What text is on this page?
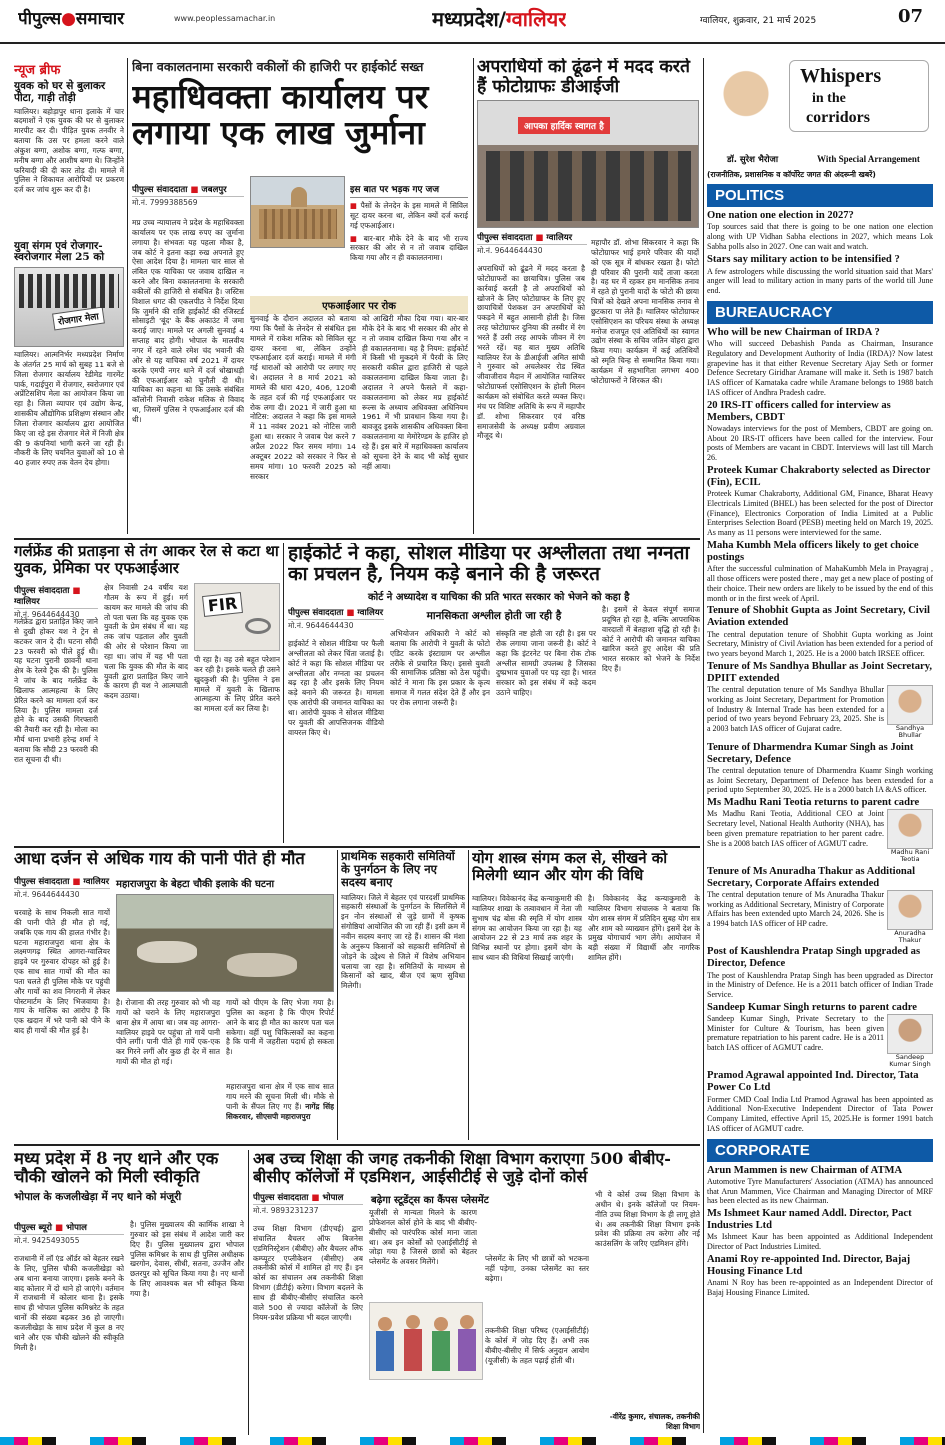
पीपुल्स●समाचार	www.peoplessamachar.in	मध्यप्रदेश/ग्वालियर	ग्वालियर, शुक्रवार, 21 मार्च 2025	07
न्यूज ब्रीफ
युवक को घर से बुलाकर पीटा, गाड़ी तोड़ी
ग्वालियर। बहोड़ापुर थाना इलाके में चार बदमाशों ने एक युवक की घर से बुलाकर मारपीट कर दी। पीड़ित युवक तनवीर ने बताया कि उस पर हमला करने वाले अंकुश बग्गा, अशोक बग्गा, गल्फ बग्गा, मनीष बग्गा और आशीष बग्गा थे। जिन्होंने फरियादी की दी कार तोड़ दी। मामले में पुलिस ने शिकायत आरोपियों पर प्रकरण दर्ज कर जांच शुरू कर दी है।
युवा संगम एवं रोजगार-स्वरोजगार मेला 25 को
रोजगार मेला
ग्वालियर। आत्मनिर्भर मध्यप्रदेश निर्माण के अंतर्गत 25 मार्च को सुबह 11 बजे से जिला रोजगार कार्यालय रेडीमेड गारमेंट पार्क, गदाईपुरा में रोजगार, स्वरोजगार एवं अप्रेंटिसशिप मेला का आयोजन किया जा रहा है। जिला व्यापार एवं उद्योग केन्द्र, शासकीय औद्योगिक प्रशिक्षण संस्थान और जिला रोजगार कार्यालय द्वारा आयोजित किए जा रहे इस रोजगार मेले में निजी क्षेत्र की 9 कंपनियां भागी करने जा रही हैं। नौकरी के लिए चयनित युवाओं को 10 से 40 हजार रुपए तक वेतन देय होगा।
बिना वकालतनामा सरकारी वकीलों की हाजिरी पर हाईकोर्ट सख्त
महाधिवक्ता कार्यालय पर लगाया एक लाख जुर्माना
पीपुल्स संवाददाता ■ जबलपुर
मो.नं. 7999388569
इस बात पर भड़क गए जज
■ पैसों के लेनदेन के इस मामले में सिविल सूट दायर करना था, लेकिन क्यों दर्ज कराई गई एफआईआर।
■ बार-बार मौके देने के बाद भी राज्य सरकार की ओर से न तो जवाब दाखिल किया गया और न ही वकालतनामा।
मप्र उच्च न्यायालय ने प्रदेश के महाधिवक्ता कार्यालय पर एक लाख रुपए का जुर्माना लगाया है। संभवतः यह पहला मौका है, जब कोर्ट ने इतना कड़ा रुख अपनाते हुए ऐसा आदेश दिया है। मामला चार साल से लंबित एक याचिका पर जवाब दाखिल न करने और बिना वकालतनामा के सरकारी वकीलों की हाजिरी से संबंधित है। जस्टिस विशाल धगट की एकलपीठ ने निर्देश दिया कि जुर्माने की राशि हाईकोर्ट की रजिस्टर्ड सोसाइटी 'बूंद' के बैंक अकाउंट में जमा कराई जाए। मामले पर अगली सुनवाई 4 सप्ताह बाद होगी। भोपाल के मालवीय नगर में रहने वाले रमेश चंद भवानी की ओर से यह याचिका वर्ष 2021 में दायर करके एमपी नगर थाने में दर्ज धोखाधड़ी की एफआईआर को चुनौती दी थी। याचिका का कहना था कि उसके संबंधित कॉलोनी निवासी राकेश मलिक से विवाद था, जिसमें पुलिस ने एफआईआर दर्ज की थी।
एफआईआर पर रोक
सुनवाई के दौरान अदालत को बताया गया कि पैसों के लेनदेन से संबंधित इस मामले में राकेश मलिक को सिविल सूट दायर करना था, लेकिन उन्होंने एफआईआर दर्ज कराई। मामले में मंगी गई धाराओं को आरोपी पर लगाए गए थे। अदालत ने 8 मार्च 2021 को मामले की धारा 420, 406, 120बी के तहत दर्ज की गई एफआईआर पर रोक लगा दी। 2021 में जारी हुआ था नोटिस: अदालत ने कहा कि इस मामले में 11 नवंबर 2021 को नोटिस जारी हुआ था। सरकार ने जवाब पेश करने 7 अप्रैल 2022 फिर समय मांगा। 14 अक्टूबर 2022 को सरकार ने फिर से समय मांगा। 10 फरवरी 2025 को सरकार
को आखिरी मौका दिया गया। बार-बार मौके देने के बाद भी सरकार की ओर से न तो जवाब दाखिल किया गया और न ही वकालतनामा। यह है नियम: हाईकोर्ट में किसी भी मुकदमे में पैरवी के लिए सरकारी वकील द्वारा हाजिरी से पहले वकालतनामा दाखिल किया जाता है। अदालत ने अपने फैसले में कहा-वकालतनामा को लेकर मप्र हाईकोर्ट रूल्स के अध्याय अधिवक्ता अधिनियम 1961 में भी प्रावधान किया गया है। बावजूद इसके शासकीय अधिवक्ता बिना वकालतनामा या मेमोरेण्डम के हाजिर हो रहे हैं। इस बारे में महाधिवक्ता कार्यालय को सूचना देने के बाद भी कोई सुधार नहीं आया।
अपराधियों को ढूंढने में मदद करते हैं फोटोग्राफः डीआईजी
आपका हार्दिक स्वागत है
पीपुल्स संवाददाता ■ ग्वालियर
मो.नं. 9644644430
अपराधियों को ढूंढने में मदद करता है फोटोग्राफरों का छायाचित्र। पुलिस जब कार्रवाई करती है तो अपराधियों को खोजने के लिए फोटोग्राफर के लिए हुए छायाचित्रों पेशकश उन अपराधियों को पकड़ने में बहुत आसानी होती है। जिस तरह फोटोग्राफर दुनिया की तस्वीर में रंग भरते हैं उसी तरह आपके जीवन में रंग भरते रहें। यह बात मुख्य अतिथि ग्वालियर रेंज के डीआईजी अमित सांघी ने गुरुवार को अचलेश्वर रोड स्थित जीवाजीराव मैदान में आयोजित ग्वालियर फोटोग्राफर्स एसोसिएशन के होली मिलन कार्यक्रम को संबोधित करते व्यक्त किए। मंच पर विशिष्ट अतिथि के रूप में महापौर डॉ. शोभा सिकरवार एवं वरिष्ठ समाजसेवी के अध्यक्ष प्रवीण अग्रवाल मौजूद थे।
महापौर डॉ. शोभा सिकरवार ने कहा कि फोटोग्राफर भाई हमारे परिवार की यादों को एक सूत्र में बांधकर रखता है। फोटो ही परिवार की पुरानी यादें ताजा करता है। वह घर में रहकर हम मानसिक तनाव में रहते हो पुरानी यादों के फोटो की छाया चित्रों को देखते अपना मानसिक तनाव से छुटकारा पा लेते हैं। ग्वालियर फोटोग्राफर एसोसिएशन का परिचय संस्था के अध्यक्ष मनोज राजपूत एवं अतिथियों का स्वागत उद्योग संस्था के सचिव जतिन वोहरा द्वारा किया गया। कार्यक्रम में कई अतिथियों को स्मृति चिन्ह से सम्मानित किया गया। कार्यक्रम में सहभागिता लगभग 400 फोटोग्राफरों ने शिरकत की।
Whispers
in the
corridors
डॉ. सुरेश भैरोजा	With Special Arrangement
(राजनीतिक, प्रशासनिक व कॉर्पोरेट जगत की अंदरूनी खबरें)
POLITICS
One nation one election in 2027?
Top sources said that there is going to be one nation one election along with UP Vidhan Sabha elections in 2027, which means Lok Sabha polls also in 2027. One can wait and watch.
Stars say military action to be intensified ?
A few astrologers while discussing the world situation said that Mars' anger will lead to military action in many parts of the world till June end.
BUREAUCRACY
Who will be new Chairman of IRDA ?
Who will succeed Debashish Panda as Chairman, Insurance Regulatory and Development Authority of India (IRDA)? Now latest grapevine has it that either Revenue Secretary Ajay Seth or former Defence Secretary Giridhar Aramane will make it. Seth is 1987 batch IAS officer of Karnataka cadre while Aramane belongs to 1988 batch IAS officer of Andhra Pradesh cadre.
20 IRS-IT officers called for interview as Members, CBDT
Nowadays interviews for the post of Members, CBDT are going on. About 20 IRS-IT officers have been called for the interview. Four posts of Members are vacant in CBDT. Interviews will last till March 26.
Proteek Kumar Chakraborty selected as Director (Fin), ECIL
Proteek Kumar Chakraborty, Additional GM, Finance, Bharat Heavy Electricals Limited (BHEL) has been selected for the post of Director (Finance), Electronics Corporation of India Limited at a Public Enterprises Selection Board (PESB) meeting held on March 19, 2025. As many as 11 persons were interviewed for the same.
Maha Kumbh Mela officers likely to get choice postings
After the successful culmination of MahaKumbh Mela in Prayagraj , all those officers were posted there , may get a new place of posting of their choice. Their new orders are likely to be issued by the end of this month or in the first week of April.
Tenure of Shobhit Gupta as Joint Secretary, Civil Aviation extended
The central deputation tenure of Shobhit Gupta working as Joint Secretary, Ministry of Civil Aviation has been extended for a period of two years beyond March 1, 2025. He is a 2000 batch IRSEE officer.
Tenure of Ms Sandhya Bhullar as Joint Secretary, DPIIT extended
Sandhya Bhullar
The central deputation tenure of Ms Sandhya Bhullar working as Joint Secretary, Department for Promotion of Industry & Internal Trade has been extended for a period of two years beyond February 23, 2025. She is a 2003 batch IAS officer of Gujarat cadre.
Tenure of Dharmendra Kumar Singh as Joint Secretary, Defence
The central deputation tenure of Dharmendra Kuamr Singh working as Joint Secretary, Department of Defence has been extended for a period upto September 30, 2025. He is a 2000 batch IA &AS officer.
Ms Madhu Rani Teotia returns to parent cadre
Madhu Rani Teotia
Ms Madhu Rani Teotia, Additional CEO at Joint Secretary level, National Health Authority (NHA), has been given premature repatriation to her parent cadre. She is a 2008 batch IAS officer of AGMUT cadre.
Tenure of Ms Anuradha Thakur as Additional Secretary, Corporate Affairs extended
Anuradha Thakur
The central deputation tenure of Ms Anuradha Thakur working as Additional Secretary, Ministry of Corporate Affairs has been extended upto March 24, 2026. She is a 1994 batch IAS officer of HP cadre.
Post of Kaushlendra Pratap Singh upgraded as Director, Defence
The post of Kaushlendra Pratap Singh has been upgraded as Director in the Ministry of Defence. He is a 2011 batch officer of Indian Trade Service.
Sandeep Kumar Singh returns to parent cadre
Sandeep Kumar Singh
Sandeep Kumar Singh, Private Secretary to the Minister for Culture & Tourism, has been given premature repatriation to his parent cadre. He is a 2011 batch IAS officer of AGMUT cadre.
Pramod Agrawal appointed Ind. Director, Tata Power Co Ltd
Former CMD Coal India Ltd Pramod Agrawal has been appointed as Additional Non-Executive Independent Director of Tata Power Company Limited, effective April 15, 2025.He is former 1991 batch IAS officer of AGMUT cadre.
CORPORATE
Arun Mammen is new Chairman of ATMA
Automotive Tyre Manufacturers' Association (ATMA) has announced that Arun Mammen, Vice Chairman and Managing Director of MRF has been elected as its new Chairman.
Ms Ishmeet Kaur named Addl. Director, Pact Industries Ltd
Ms Ishmeet Kaur has been appointed as Additional Independent Director of Pact Industries Limited.
Anami Roy re-appointed Ind. Director, Bajaj Housing Finance Ltd
Anami N Roy has been re-appointed as an Independent Director of Bajaj Housing Finance Limited.
गर्लफ्रेंड की प्रताड़ना से तंग आकर रेल से कटा था युवक, प्रेमिका पर एफआईआर
पीपुल्स संवाददाता ■ ग्वालियर
मो.नं. 9644644430
गर्लफ्रेंड द्वारा प्रताड़ित किए जाने से दुखी होकर यश ने ट्रेन से कटकर जान दे दी। घटना सौदी 23 फरवरी को पीले हुई थी। यह घटना पुरानी छावनी थाना क्षेत्र के रेलवे ट्रैक की है। पुलिस ने जांच के बाद गर्लफ्रेंड के खिलाफ आत्महत्या के लिए प्रेरित करने का मामला दर्ज कर लिया है। पुलिस मामला दर्ज होने के बाद उसकी गिरफ्तारी की तैयारी कर रही है। मोला का मौर्य थाना प्रभारी हरेन्द्र शर्मा ने बताया कि सौदी 23 फरवरी की रात सूचना दी थी।
क्षेत्र निवासी 24 वर्षीय यश गौतम के रूप में हुई। मर्ग कायम कर मामले की जांच की तो पता चला कि वह युवक एक युवती के प्रेम संबंध में था। यह तक जांच पड़ताल और युवती की ओर से परेशान किया जा रहा था। जांच में यह भी पता चला कि युवक की मौत के बाद युवती द्वारा प्रताड़ित किए जाने के कारण ही यश ने आत्मघाती कदम उठाया।
FIR
पी रहा है। वह उसे बहुत परेशान कर रही है। इसके चलते ही उसने खुदकुशी की है। पुलिस ने इस मामले में युवती के खिलाफ आत्महत्या के लिए प्रेरित करने का मामला दर्ज कर लिया है।
हाईकोर्ट ने कहा, सोशल मीडिया पर अश्लीलता तथा नग्नता का प्रचलन है, नियम कड़े बनाने की है जरूरत
कोर्ट ने अध्यादेश व याचिका की प्रति भारत सरकार को भेजने को कहा है
पीपुल्स संवाददाता ■ ग्वालियर
मो.नं. 9644644430
मानसिकता अश्लील होती जा रही है
हाईकोर्ट ने सोशल मीडिया पर फैली अश्लीलता को लेकर चिंता जताई है। कोर्ट ने कहा कि सोशल मीडिया पर अश्लीलता और नग्नता का प्रचलन बढ़ रहा है और इसके लिए नियम कड़े बनाने की जरूरत है। मामला एक आरोपी की जमानत याचिका का था। आरोपी युवक ने सोशल मीडिया पर युवती की आपत्तिजनक वीडियो वायरल किए थे।
अभियोजन अधिकारी ने कोर्ट को बताया कि आरोपी ने युवती के फोटो एडिट करके इंस्टाग्राम पर अश्लील तरीके से प्रचारित किए। इससे युवती की सामाजिक प्रतिष्ठा को ठेस पहुंची। कोर्ट ने माना कि इस प्रकार के कृत्य समाज में गलत संदेश देते हैं और इन पर रोक लगाना जरूरी है।
संस्कृति नष्ट होती जा रही है। इस पर रोक लगाया जाना जरूरी है। कोर्ट ने कहा कि इंटरनेट पर बिना रोक टोक अश्लील सामग्री उपलब्ध है जिसका दुष्प्रभाव युवाओं पर पड़ रहा है। भारत सरकार को इस संबंध में कड़े कदम उठाने चाहिए।
है। इसमें से केवल संपूर्ण समाज प्रदूषित हो रहा है, बल्कि आपराधिक वारदातों में बेतहाशा वृद्धि हो रही है। कोर्ट ने आरोपी की जमानत याचिका खारिज करते हुए आदेश की प्रति भारत सरकार को भेजने के निर्देश दिए हैं।
आधा दर्जन से अधिक गाय की पानी पीते ही मौत
पीपुल्स संवाददाता ■ ग्वालियर
मो.नं. 9644644430
चरवाहे के साथ निकली सात गायों की पानी पीते ही मौत हो गई, जबकि एक गाय की हालत गंभीर है। घटना महाराजपुरा थाना क्षेत्र के लक्ष्मणगढ़ स्थित आगरा-ग्वालियर हाइवे पर गुरुवार दोपहर को हुई है। एक साथ सात गायों की मौत का पता चलते ही पुलिस मौके पर पहुंची और गायों का शव निगरानी में लेकर पोस्टमार्टम के लिए भिजवाया है। गाय के मालिक का आरोप है कि एक खदान में भरे पानी को पीने के बाद ही गायों की मौत हुई है।
महाराजपुरा के बेहटा चौकी इलाके की घटना
है। रोजाना की तरह गुरुवार को भी वह गायों को चराने के लिए महाराजपुरा थाना क्षेत्र में आया था। जब वह आगरा-ग्वालियर हाइवे पर पहुंचा तो गायें पानी पीने लगीं। पानी पीते ही गायें एक-एक कर गिरने लगीं और कुछ ही देर में सात गायों की मौत हो गई।
गायों को पीएम के लिए भेजा गया है। पुलिस का कहना है कि पीएम रिपोर्ट आने के बाद ही मौत का कारण पता चल सकेगा। वहीं पशु चिकित्सकों का कहना है कि पानी में जहरीला पदार्थ हो सकता है।
महाराजपुरा थाना क्षेत्र में एक साथ सात गाय मरने की सूचना मिली थी। मौके से पानी के सैंपल लिए गए हैं। नागेंद्र सिंह सिकरवार, सीएसपी महाराजपुरा
प्राथमिक सहकारी समितियों के पुनर्गठन के लिए नए सदस्य बनाए
ग्वालियर। जिले में बेहतर एवं पारदर्शी प्राथमिक सहकारी संस्थाओं के पुनर्गठन के सिलसिले में इन नोन संस्थाओं से जुड़े ग्रामों में कृषक संगोष्ठियां आयोजित की जा रही हैं। इसी क्रम में नवीन सदस्य बनाए जा रहे हैं। शासन की मंशा के अनुरूप किसानों को सहकारी समितियों से जोड़ने के उद्देश्य से जिले में विशेष अभियान चलाया जा रहा है। समितियों के माध्यम से किसानों को खाद, बीज एवं ऋण सुविधा मिलेगी।
योग शास्त्र संगम कल से, सीखने को मिलेगी ध्यान और योग की विधि
ग्वालियर। विवेकानंद केंद्र कन्याकुमारी की ग्वालियर शाखा के तत्वावधान में नेता जी सुभाष चंद्र बोस की स्मृति में योग शास्त्र संगम का आयोजन किया जा रहा है। यह आयोजन 22 से 23 मार्च तक शहर के विभिन्न स्थानों पर होगा। इसमें योग के साथ ध्यान की विधियां सिखाई जाएंगी।
है। विवेकानंद केंद्र कन्याकुमारी के ग्वालियर विभाग संचालक ने बताया कि योग शास्त्र संगम में प्रतिदिन सुबह योग सत्र और शाम को व्याख्यान होंगे। इसमें देश के प्रमुख योगाचार्य भाग लेंगे। आयोजन में बड़ी संख्या में विद्यार्थी और नागरिक शामिल होंगे।
मध्य प्रदेश में 8 नए थाने और एक चौकी खोलने को मिली स्वीकृति
भोपाल के कजलीखेड़ा में नए थाने को मंजूरी
पीपुल्स ब्यूरो ■ भोपाल
मो.नं. 9425493055
राजधानी में लॉ एंड ऑर्डर को बेहतर रखने के लिए, पुलिस चौकी कजलीखेड़ा को अब थाना बनाया जाएगा। इसके बनने के बाद कोलार में दो थाने हो जाएंगे। वर्तमान में राजधानी में कोलार थाना है। इसके साथ ही भोपाल पुलिस कमिश्नरेट के तहत थानों की संख्या बढ़कर 36 हो जाएगी। कजलीखेड़ा के साथ प्रदेश में कुल 8 नए थाने और एक चौकी खोलने की स्वीकृति मिली है।
है। पुलिस मुख्यालय की कार्मिक शाखा ने गुरुवार को इस संबंध में आदेश जारी कर दिए हैं। पुलिस मुख्यालय द्वारा भोपाल पुलिस कमिश्नर के साथ ही पुलिस अधीक्षक खरगोन, देवास, सीधी, सतना, उज्जैन और छतरपुर को सूचित किया गया है। नए थानों के लिए आवश्यक बल भी स्वीकृत किया गया है।
अब उच्च शिक्षा की जगह तकनीकी शिक्षा विभाग कराएगा 500 बीबीए-बीसीए कॉलेजों में एडमिशन, आईसीटीई से जुड़े दोनों कोर्स
पीपुल्स संवाददाता ■ भोपाल
मो.नं. 9893231237
उच्च शिक्षा विभाग (डीएचई) द्वारा संचालित बैचलर ऑफ बिजनेस एडमिनिस्ट्रेशन (बीबीए) और बैचलर ऑफ कम्प्यूटर एप्लीकेशन (बीसीए) अब तकनीकी कोर्स में शामिल हो गए हैं। इन कोर्स का संचालन अब तकनीकी शिक्षा विभाग (डीटीई) करेगा। विभाग बदलने के साथ ही बीबीए-बीसीए संचालित करने वाले 500 से ज्यादा कॉलेजों के लिए नियम-प्रवेश प्रक्रिया भी बदल जाएगी।
बढ़ेगा स्टूडेंट्स का कैंपस प्लेसमेंट
यूजीसी से मान्यता मिलने के कारण प्रोफेशनल कोर्स होने के बाद भी बीबीए-बीसीए को पारंपरिक कोर्स माना जाता था। अब इन कोर्सों को एआईसीटीई से जोड़ा गया है जिससे छात्रों को बेहतर प्लेसमेंट के अवसर मिलेंगे।	प्लेसमेंट के लिए भी छात्रों को भटकना नहीं पड़ेगा, उनका प्लेसमेंट का स्तर बढ़ेगा।
तकनीकी शिक्षा परिषद (एआईसीटीई) के कोर्स में जोड़ दिए हैं। अभी तक बीबीए-बीसीए में सिर्फ अनुदान आयोग (यूजीसी) के तहत पढ़ाई होती थी।
भी ये कोर्स उच्च शिक्षा विभाग के अधीन थे। इनके कॉलेजों पर नियम-नीति उच्च शिक्षा विभाग के ही लागू होते थे। अब तकनीकी शिक्षा विभाग इनके प्रवेश की प्रक्रिया तय करेगा और नई काउंसलिंग के जरिए एडमिशन होंगे।
-वीरेंद्र कुमार, संचालक, तकनीकी शिक्षा विभाग
